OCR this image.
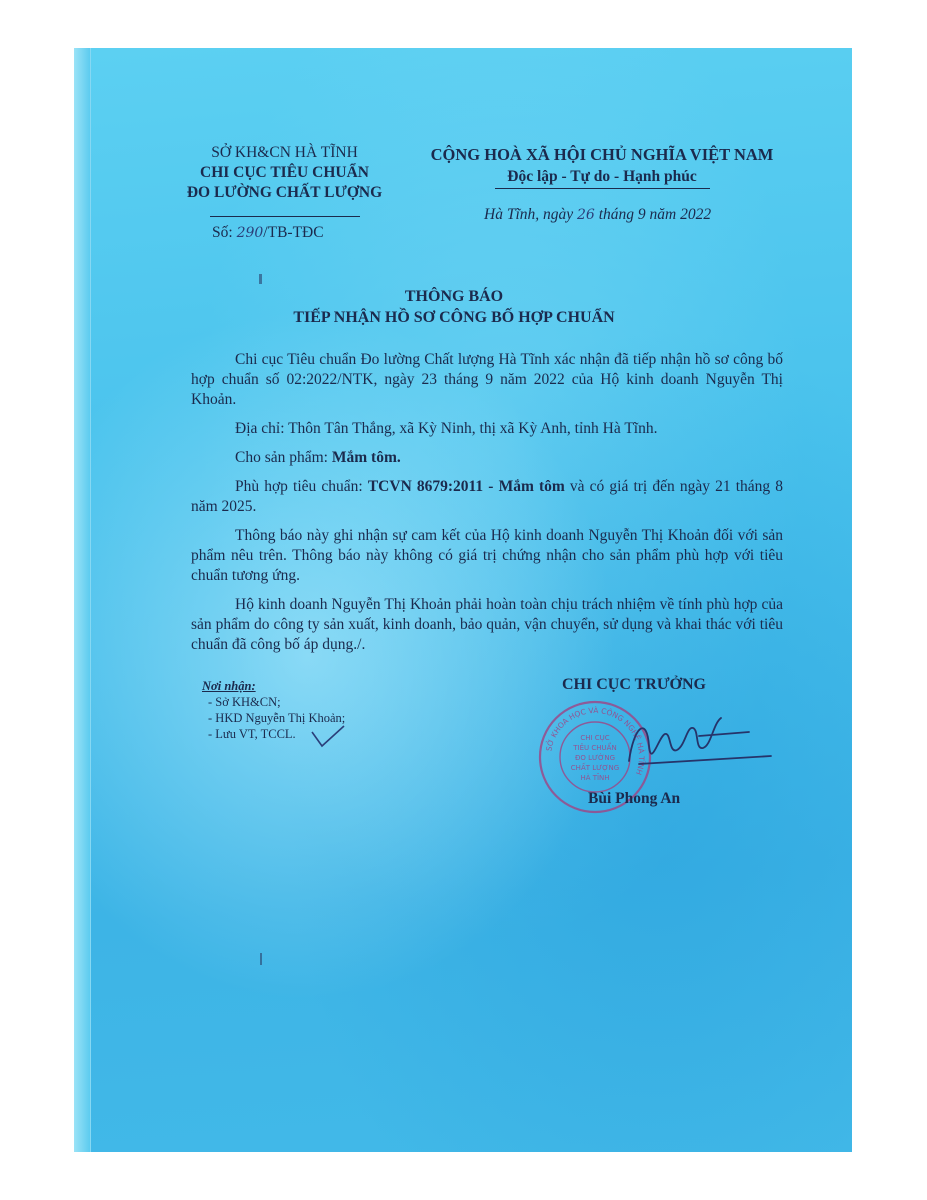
SỞ KH&CN HÀ TĨNH
CHI CỤC TIÊU CHUẨN
ĐO LƯỜNG CHẤT LƯỢNG
Số: 290/TB-TĐC
CỘNG HOÀ XÃ HỘI CHỦ NGHĨA VIỆT NAM
Độc lập - Tự do - Hạnh phúc
Hà Tĩnh, ngày 26 tháng 9 năm 2022
THÔNG BÁO
TIẾP NHẬN HỒ SƠ CÔNG BỐ HỢP CHUẨN

Chi cục Tiêu chuẩn Đo lường Chất lượng Hà Tĩnh xác nhận đã tiếp nhận hồ sơ công bố hợp chuẩn số 02:2022/NTK, ngày 23 tháng 9 năm 2022 của Hộ kinh doanh Nguyễn Thị Khoản.

Địa chỉ: Thôn Tân Thắng, xã Kỳ Ninh, thị xã Kỳ Anh, tỉnh Hà Tĩnh.

Cho sản phẩm: Mắm tôm.

Phù hợp tiêu chuẩn: TCVN 8679:2011 - Mắm tôm và có giá trị đến ngày 21 tháng 8 năm 2025.

Thông báo này ghi nhận sự cam kết của Hộ kinh doanh Nguyễn Thị Khoản đối với sản phẩm nêu trên. Thông báo này không có giá trị chứng nhận cho sản phẩm phù hợp với tiêu chuẩn tương ứng.

Hộ kinh doanh Nguyễn Thị Khoản phải hoàn toàn chịu trách nhiệm về tính phù hợp của sản phẩm do công ty sản xuất, kinh doanh, bảo quản, vận chuyển, sử dụng và khai thác với tiêu chuẩn đã công bố áp dụng./.

Nơi nhận:
- Sở KH&CN;
- HKD Nguyễn Thị Khoản;
- Lưu VT, TCCL.
CHI CỤC TRƯỞNG
SỞ KHOA HỌC VÀ CÔNG NGHỆ HÀ TĨNH
CHI CỤC
TIÊU CHUẨN
ĐO LƯỜNG
CHẤT LƯỢNG
HÀ TĨNH
Bùi Phong An
